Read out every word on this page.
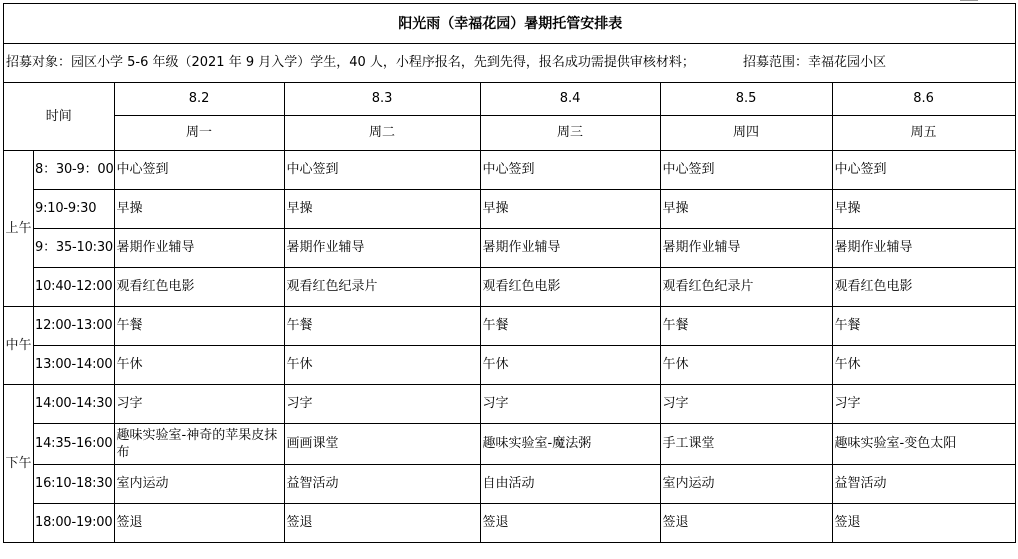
阳光雨（幸福花园）暑期托管安排表						
招募对象：园区小学 5-6 年级（2021 年 9 月入学）学生，40 人，小程序报名，先到先得，报名成功需提供审核材料； 招募范围：幸福花园小区						
时间		8.2	8.3	8.4	8.5	8.6
		周一	周二	周三	周四	周五
上午	8：30-9：00	中心签到	中心签到	中心签到	中心签到	中心签到
	9:10-9:30	早操	早操	早操	早操	早操
	9：35-10:30	暑期作业辅导	暑期作业辅导	暑期作业辅导	暑期作业辅导	暑期作业辅导
	10:40-12:00	观看红色电影	观看红色纪录片	观看红色电影	观看红色纪录片	观看红色电影
中午	12:00-13:00	午餐	午餐	午餐	午餐	午餐
	13:00-14:00	午休	午休	午休	午休	午休
下午	14:00-14:30	习字	习字	习字	习字	习字
	14:35-16:00	趣味实验室-神奇的苹果皮抹布	画画课堂	趣味实验室-魔法粥	手工课堂	趣味实验室-变色太阳
	16:10-18:30	室内运动	益智活动	自由活动	室内运动	益智活动
	18:00-19:00	签退	签退	签退	签退	签退
